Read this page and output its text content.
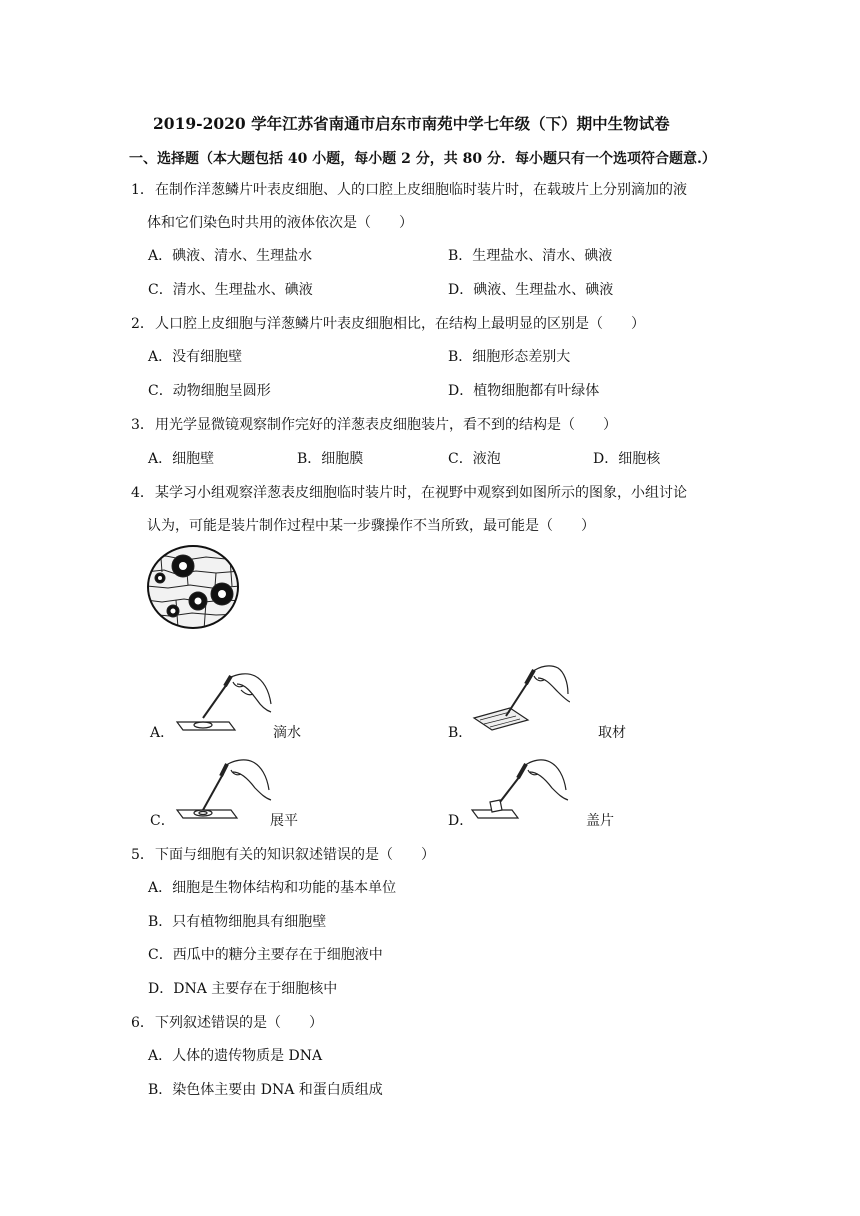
2019-2020 学年江苏省南通市启东市南苑中学七年级（下）期中生物试卷
一、选择题（本大题包括 40 小题，每小题 2 分，共 80 分．每小题只有一个选项符合题意.）
1． 在制作洋葱鳞片叶表皮细胞、人的口腔上皮细胞临时装片时，在载玻片上分别滴加的液
体和它们染色时共用的液体依次是（　　）
A．碘液、清水、生理盐水	B．生理盐水、清水、碘液
C．清水、生理盐水、碘液	D．碘液、生理盐水、碘液
2． 人口腔上皮细胞与洋葱鳞片叶表皮细胞相比，在结构上最明显的区别是（　　）
A．没有细胞壁	B．细胞形态差别大
C．动物细胞呈圆形	D．植物细胞都有叶绿体
3． 用光学显微镜观察制作完好的洋葱表皮细胞装片，看不到的结构是（　　）
A．细胞壁	B．细胞膜	C．液泡	D．细胞核
4． 某学习小组观察洋葱表皮细胞临时装片时，在视野中观察到如图所示的图象，小组讨论
认为，可能是装片制作过程中某一步骤操作不当所致，最可能是（　　）
A．	滴水	B．	取材
C．	展平	D．	盖片
5． 下面与细胞有关的知识叙述错误的是（　　）
A．细胞是生物体结构和功能的基本单位
B．只有植物细胞具有细胞壁
C．西瓜中的糖分主要存在于细胞液中
D．DNA 主要存在于细胞核中
6． 下列叙述错误的是（　　）
A．人体的遗传物质是 DNA
B．染色体主要由 DNA 和蛋白质组成
